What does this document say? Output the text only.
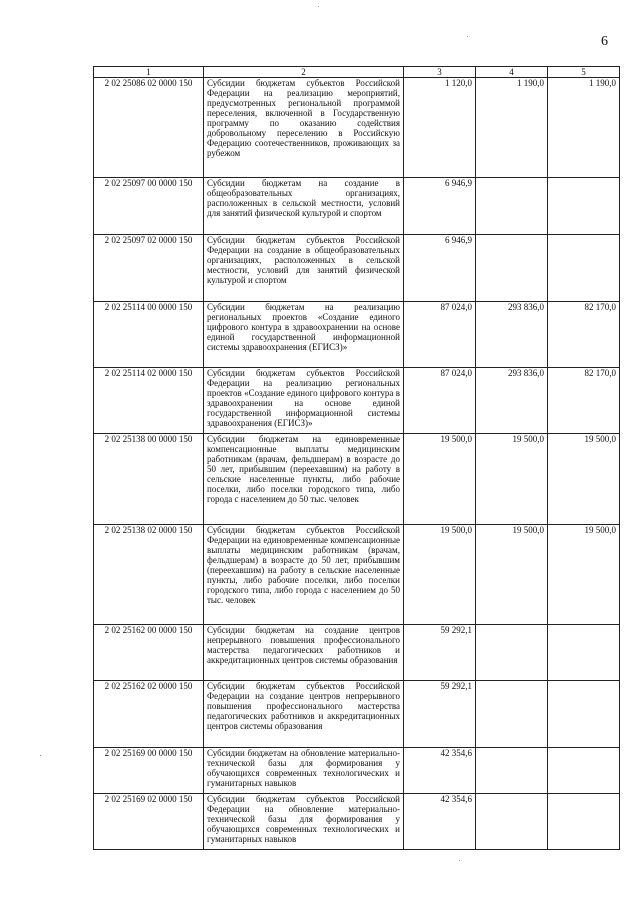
6
1	2	3	4	5
2 02 25086 02 0000 150	Субсидии бюджетам субъектов Российской Федерации на реализацию мероприятий, предусмотренных региональной программой переселения, включенной в Государственную программу по оказанию содействия добровольному переселению в Российскую Федерацию соотечественников, проживающих за рубежом	1 120,0	1 190,0	1 190,0
2 02 25097 00 0000 150	Субсидии бюджетам на создание в общеобразовательных организациях, расположенных в сельской местности, условий для занятий физической культурой и спортом	6 946,9		
2 02 25097 02 0000 150	Субсидии бюджетам субъектов Российской Федерации на создание в общеобразовательных организациях, расположенных в сельской местности, условий для занятий физической культурой и спортом	6 946,9		
2 02 25114 00 0000 150	Субсидии бюджетам на реализацию региональных проектов «Создание единого цифрового контура в здравоохранении на основе единой государственной информационной системы здравоохранения (ЕГИСЗ)»	87 024,0	293 836,0	82 170,0
2 02 25114 02 0000 150	Субсидии бюджетам субъектов Российской Федерации на реализацию региональных проектов «Создание единого цифрового контура в здравоохранении на основе единой государственной информационной системы здравоохранения (ЕГИСЗ)»	87 024,0	293 836,0	82 170,0
2 02 25138 00 0000 150	Субсидии бюджетам на единовременные компенсационные выплаты медицинским работникам (врачам, фельдшерам) в возрасте до 50 лет, прибывшим (переехавшим) на работу в сельские населенные пункты, либо рабочие поселки, либо поселки городского типа, либо города с населением до 50 тыс. человек	19 500,0	19 500,0	19 500,0
2 02 25138 02 0000 150	Субсидии бюджетам субъектов Российской Федерации на единовременные компенсационные выплаты медицинским работникам (врачам, фельдшерам) в возрасте до 50 лет, прибывшим (переехавшим) на работу в сельские населенные пункты, либо рабочие поселки, либо поселки городского типа, либо города с населением до 50 тыс. человек	19 500,0	19 500,0	19 500,0
2 02 25162 00 0000 150	Субсидии бюджетам на создание центров непрерывного повышения профессионального мастерства педагогических работников и аккредитационных центров системы образования	59 292,1		
2 02 25162 02 0000 150	Субсидии бюджетам субъектов Российской Федерации на создание центров непрерывного повышения профессионального мастерства педагогических работников и аккредитационных центров системы образования	59 292,1		
2 02 25169 00 0000 150	Субсидии бюджетам на обновление материально-технической базы для формирования у обучающихся современных технологических и гуманитарных навыков	42 354,6		
2 02 25169 02 0000 150	Субсидии бюджетам субъектов Российской Федерации на обновление материально-технической базы для формирования у обучающихся современных технологических и гуманитарных навыков	42 354,6		
